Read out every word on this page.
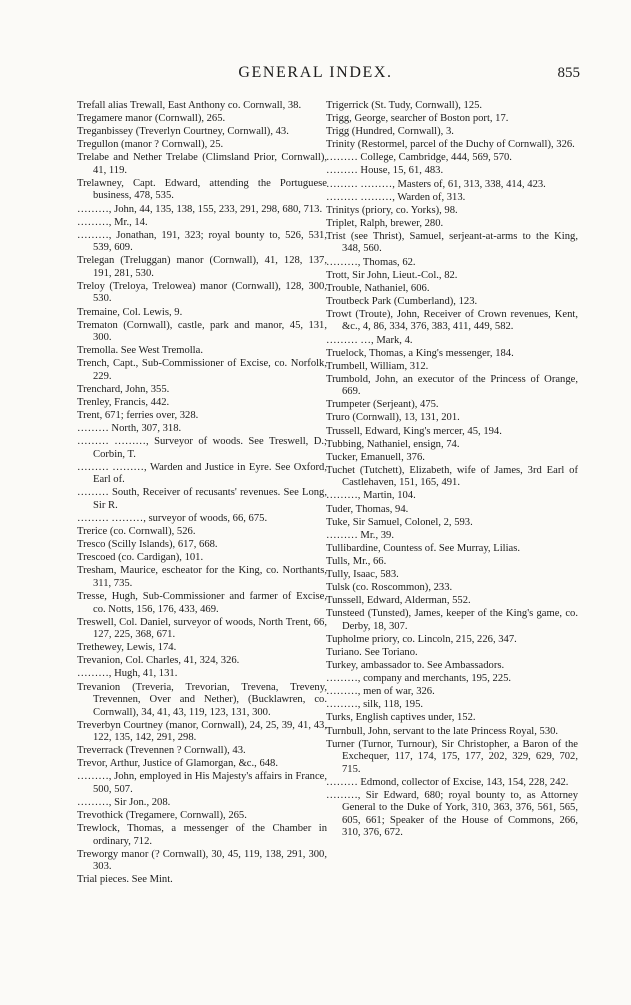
GENERAL INDEX.	855

Trefall alias Trewall, East Anthony co. Cornwall, 38.

Tregamere manor (Cornwall), 265.

Treganbissey (Treverlyn Courtney, Cornwall), 43.

Tregullon (manor ? Cornwall), 25.

Trelabe and Nether Trelabe (Climsland Prior, Cornwall), 41, 119.

Trelawney, Capt. Edward, attending the Portuguese business, 478, 535.

………, John, 44, 135, 138, 155, 233, 291, 298, 680, 713.

………, Mr., 14.

………, Jonathan, 191, 323; royal bounty to, 526, 531, 539, 609.

Trelegan (Treluggan) manor (Cornwall), 41, 128, 137, 191, 281, 530.

Treloy (Treloya, Trelowea) manor (Cornwall), 128, 300, 530.

Tremaine, Col. Lewis, 9.

Trematon (Cornwall), castle, park and manor, 45, 131, 300.

Tremolla. See West Tremolla.

Trench, Capt., Sub-Commissioner of Excise, co. Norfolk, 229.

Trenchard, John, 355.

Trenley, Francis, 442.

Trent, 671; ferries over, 328.

……… North, 307, 318.

……… ………, Surveyor of woods. See Treswell, D.; Corbin, T.

……… ………, Warden and Justice in Eyre. See Oxford, Earl of.

……… South, Receiver of recusants' revenues. See Long, Sir R.

……… ………, surveyor of woods, 66, 675.

Trerice (co. Cornwall), 526.

Tresco (Scilly Islands), 617, 668.

Trescoed (co. Cardigan), 101.

Tresham, Maurice, escheator for the King, co. Northants, 311, 735.

Tresse, Hugh, Sub-Commissioner and farmer of Excise, co. Notts, 156, 176, 433, 469.

Treswell, Col. Daniel, surveyor of woods, North Trent, 66, 127, 225, 368, 671.

Trethewey, Lewis, 174.

Trevanion, Col. Charles, 41, 324, 326.

………, Hugh, 41, 131.

Trevanion (Treveria, Trevorian, Trevena, Treveny, Trevennen, Over and Nether), (Bucklawren, co. Cornwall), 34, 41, 43, 119, 123, 131, 300.

Treverbyn Courtney (manor, Cornwall), 24, 25, 39, 41, 43, 122, 135, 142, 291, 298.

Treverrack (Trevennen ? Cornwall), 43.

Trevor, Arthur, Justice of Glamorgan, &c., 648.

………, John, employed in His Majesty's affairs in France, 500, 507.

………, Sir Jon., 208.

Trevothick (Tregamere, Cornwall), 265.

Trewlock, Thomas, a messenger of the Chamber in ordinary, 712.

Treworgy manor (? Cornwall), 30, 45, 119, 138, 291, 300, 303.

Trial pieces. See Mint.

Trigerrick (St. Tudy, Cornwall), 125.

Trigg, George, searcher of Boston port, 17.

Trigg (Hundred, Cornwall), 3.

Trinity (Restormel, parcel of the Duchy of Cornwall), 326.

……… College, Cambridge, 444, 569, 570.

……… House, 15, 61, 483.

……… ………, Masters of, 61, 313, 338, 414, 423.

……… ………, Warden of, 313.

Trinitys (priory, co. Yorks), 98.

Triplet, Ralph, brewer, 280.

Trist (see Thrist), Samuel, serjeant-at-arms to the King, 348, 560.

………, Thomas, 62.

Trott, Sir John, Lieut.-Col., 82.

Trouble, Nathaniel, 606.

Troutbeck Park (Cumberland), 123.

Trowt (Troute), John, Receiver of Crown revenues, Kent, &c., 4, 86, 334, 376, 383, 411, 449, 582.

……… …, Mark, 4.

Truelock, Thomas, a King's messenger, 184.

Trumbell, William, 312.

Trumbold, John, an executor of the Princess of Orange, 669.

Trumpeter (Serjeant), 475.

Truro (Cornwall), 13, 131, 201.

Trussell, Edward, King's mercer, 45, 194.

Tubbing, Nathaniel, ensign, 74.

Tucker, Emanuell, 376.

Tuchet (Tutchett), Elizabeth, wife of James, 3rd Earl of Castlehaven, 151, 165, 491.

………, Martin, 104.

Tuder, Thomas, 94.

Tuke, Sir Samuel, Colonel, 2, 593.

……… Mr., 39.

Tullibardine, Countess of. See Murray, Lilias.

Tulls, Mr., 66.

Tully, Isaac, 583.

Tulsk (co. Roscommon), 233.

Tunssell, Edward, Alderman, 552.

Tunsteed (Tunsted), James, keeper of the King's game, co. Derby, 18, 307.

Tupholme priory, co. Lincoln, 215, 226, 347.

Turiano. See Toriano.

Turkey, ambassador to. See Ambassadors.

………, company and merchants, 195, 225.

………, men of war, 326.

………, silk, 118, 195.

Turks, English captives under, 152.

Turnbull, John, servant to the late Princess Royal, 530.

Turner (Turnor, Turnour), Sir Christopher, a Baron of the Exchequer, 117, 174, 175, 177, 202, 329, 629, 702, 715.

……… Edmond, collector of Excise, 143, 154, 228, 242.

………, Sir Edward, 680; royal bounty to, as Attorney General to the Duke of York, 310, 363, 376, 561, 565, 605, 661; Speaker of the House of Commons, 266, 310, 376, 672.
